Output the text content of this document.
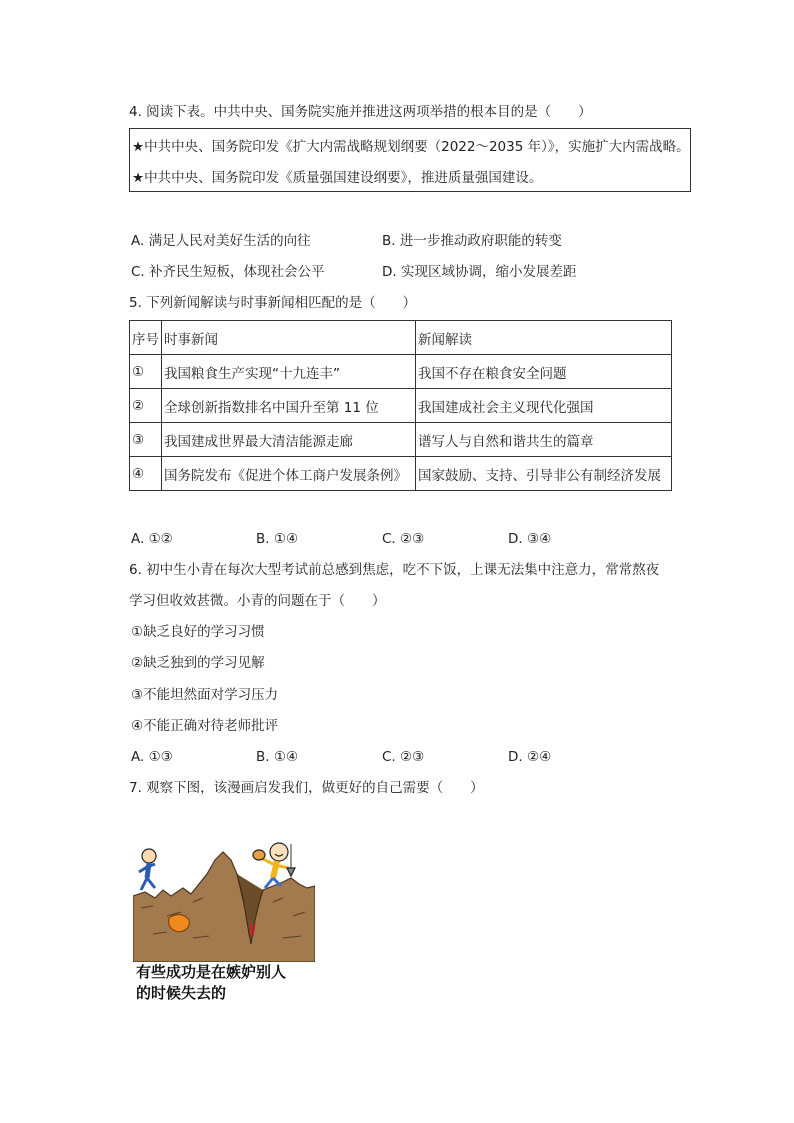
4. 阅读下表。中共中央、国务院实施并推进这两项举措的根本目的是（　　）
★中共中央、国务院印发《扩大内需战略规划纲要（2022～2035 年）》，实施扩大内需战略。
★中共中央、国务院印发《质量强国建设纲要》，推进质量强国建设。
A. 满足人民对美好生活的向往	B. 进一步推动政府职能的转变
C. 补齐民生短板，体现社会公平	D. 实现区域协调，缩小发展差距
5. 下列新闻解读与时事新闻相匹配的是（　　）
序号	时事新闻	新闻解读
①	我国粮食生产实现“十九连丰”	我国不存在粮食安全问题
②	全球创新指数排名中国升至第 11 位	我国建成社会主义现代化强国
③	我国建成世界最大清洁能源走廊	谱写人与自然和谐共生的篇章
④	国务院发布《促进个体工商户发展条例》	国家鼓励、支持、引导非公有制经济发展
A. ①②	B. ①④	C. ②③	D. ③④
6. 初中生小青在每次大型考试前总感到焦虑，吃不下饭，上课无法集中注意力，常常熬夜
学习但收效甚微。小青的问题在于（　　）
①缺乏良好的学习习惯
②缺乏独到的学习见解
③不能坦然面对学习压力
④不能正确对待老师批评
A. ①③	B. ①④	C. ②③	D. ②④
7. 观察下图，该漫画启发我们，做更好的自己需要（　　）
有些成功是在嫉妒别人
的时候失去的
